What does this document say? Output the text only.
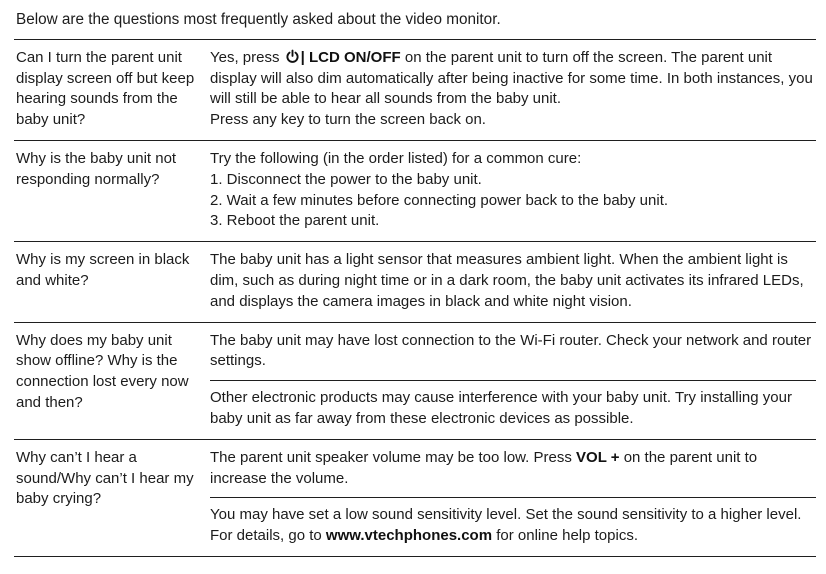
Below are the questions most frequently asked about the video monitor.

Can I turn the parent unit display screen off but keep hearing sounds from the baby unit?

Yes, press
| LCD ON/OFF on the parent unit to turn off the screen. The parent unit display will also dim automatically after being inactive for some time. In both instances, you will still be able to hear all sounds from the baby unit.

Press any key to turn the screen back on.
Why is the baby unit not responding normally?
Try the following (in the order listed) for a common cure:
1. Disconnect the power to the baby unit.
2. Wait a few minutes before connecting power back to the baby unit.
3. Reboot the parent unit.
Why is my screen in black and white?

The baby unit has a light sensor that measures ambient light. When the ambient light is dim, such as during night time or in a dark room, the baby unit activates its infrared LEDs, and displays the camera images in black and white night vision.

Why does my baby unit show offline? Why is the connection lost every now and then?

The baby unit may have lost connection to the Wi-Fi router. Check your network and router settings.

Other electronic products may cause interference with your baby unit. Try installing your baby unit as far away from these electronic devices as possible.

Why can’t I hear a sound/Why can’t I hear my baby crying?

The parent unit speaker volume may be too low. Press VOL + on the parent unit to increase the volume.

You may have set a low sound sensitivity level. Set the sound sensitivity to a higher level. For details, go to www.vtechphones.com for online help topics.
